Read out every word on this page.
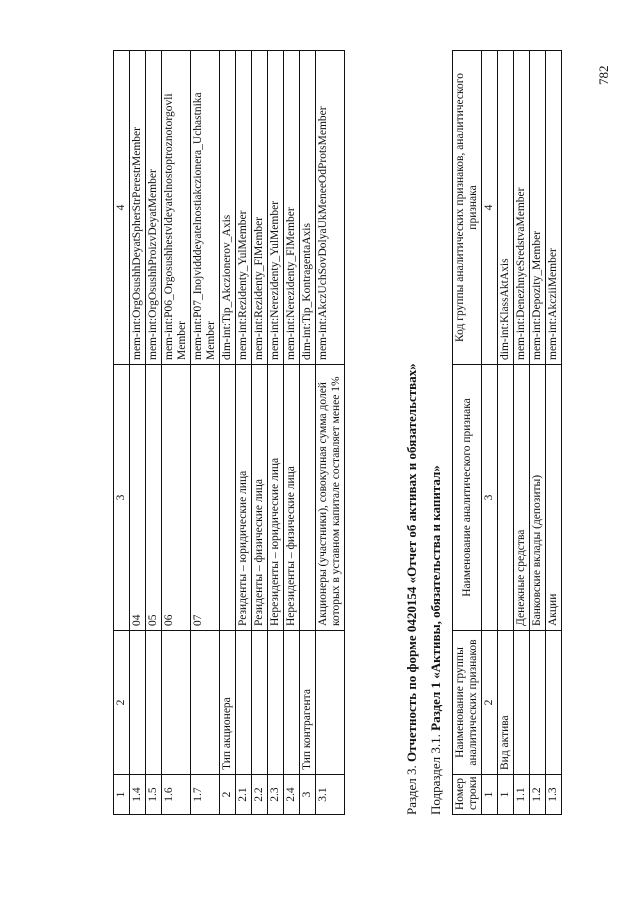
1	2	3	4
1.4		04	mem-int:OrgOsushhDeyatSpherStrPerestrMember
1.5		05	mem-int:OrgOsushhProizvDeyatMember
1.6		06	mem-int:P06_Orgosushhestvldeyatelnostoptroznotorgovli Member
1.7		07	mem-int:P07_Inojvidddeyatelnostiakczionera_Uchastnika Member
2	Тип акционера		dim-int:Tip_Akczionerov_Axis
2.1		Резиденты – юридические лица	mem-int:Rezidenty_YulMember
2.2		Резиденты – физические лица	mem-int:Rezidenty_FlMember
2.3		Нерезиденты – юридические лица	mem-int:Nerezidenty_YulMember
2.4		Нерезиденты – физические лица	mem-int:Nerezidenty_FlMember
3	Тип контрагента		dim-int:Tip_KontragentaAxis
3.1		Акционеры (участники), совокупная сумма долей которых в уставном капитале составляет менее 1%	mem-int:AkczUchSovDolyaUkMeneeOdProtsMember
Раздел 3. Отчетность по форме 0420154 «Отчет об активах и обязательствах»
Подраздел 3.1. Раздел 1 «Активы, обязательства и капитал»
Номер строки	Наименование группы аналитических признаков	Наименование аналитического признака	Код группы аналитических признаков, аналитического признака
1	2	3	4
1	Вид актива		dim-int:KlassAktAxis
1.1		Денежные средства	mem-int:DenezhnyeSredstvaMember
1.2		Банковские вклады (депозиты)	mem-int:Depozity_Member
1.3		Акции	mem-int:AkcziiMember
782
